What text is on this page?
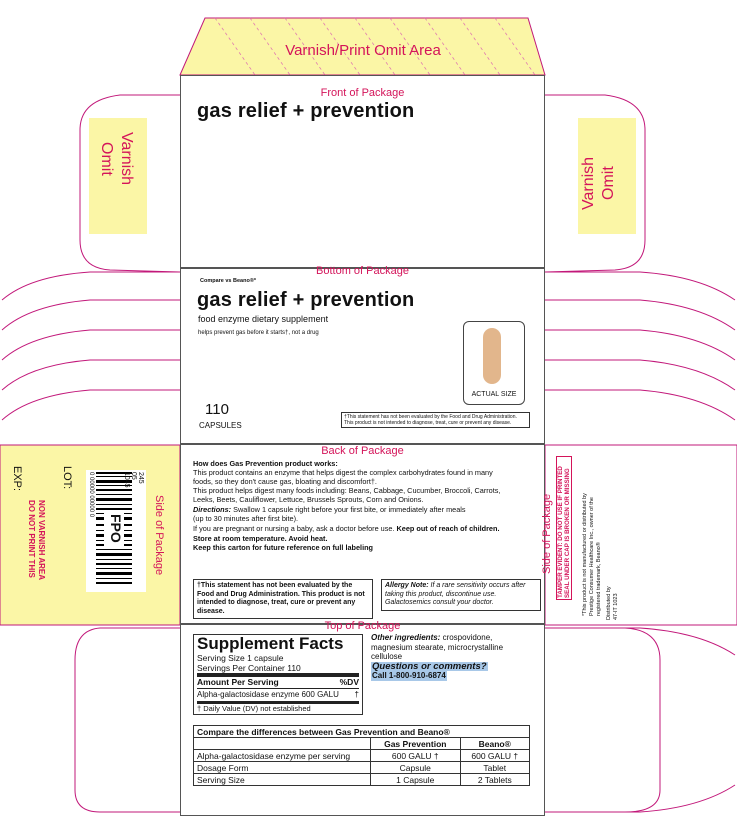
Varnish/Print Omit Area
Varnish
Omit	Varnish Omit
Front of Package
gas relief + prevention
Bottom of Package
Compare vs Beano®*
gas relief + prevention
food enzyme dietary supplement
helps prevent gas before it starts†, not a drug
110
CAPSULES
ACTUAL SIZE
†This statement has not been evaluated by the Food and Drug Administration.
This product is not intended to diagnose, treat, cure or prevent any disease.
Back of Package
How does Gas Prevention product works:
This product contains an enzyme that helps digest the complex carbohydrates found in many
foods, so they don't cause gas, bloating and discomfort†.
This product helps digest many foods including: Beans, Cabbage, Cucumber, Broccoli, Carrots,
Leeks, Beets, Cauliflower, Lettuce, Brussels Sprouts, Corn and Onions.
Directions: Swallow 1 capsule right before your first bite, or immediately after meals
(up to 30 minutes after first bite).
If you are pregnant or nursing a baby, ask a doctor before use. Keep out of reach of children.
Store at room temperature. Avoid heat.
Keep this carton for future reference on full labeling
†This statement has not been evaluated by the Food and Drug Administration. This product is not intended to diagnose, treat, cure or prevent any disease.
Allergy Note: If a rare sensitivity occurs after taking this product, discontinue use. Galactosemics consult your doctor.
Side of Package
LOT:
EXP:
NON VARNISH AREA
DO NOT PRINT THIS	FPO
245 05 1045
0 00000 00000 0	Side of Package TAMPER EVIDENT: DO NOT USE IF PRINTED SEAL UNDER CAP IS BROKEN OR MISSING *This product is not manufactured or distributed by Prestige Consumer Healthcare Inc., owner of the registered trademark, Beano® Distributed by 47-IT 1023
Top of Package
Supplement Facts
Serving Size 1 capsule
Servings Per Container 110
Amount Per Serving	%DV
Alpha-galactosidase enzyme 600 GALU †
† Daily Value (DV) not established
Other ingredients: crospovidone,
magnesium stearate, microcrystalline
cellulose
Questions or comments?
Call 1-800-910-6874
Compare the differences between Gas Prevention and Beano®		
	Gas Prevention	Beano®
Alpha-galactosidase enzyme per serving	600 GALU †	600 GALU †
Dosage Form	Capsule	Tablet
Serving Size	1 Capsule	2 Tablets
